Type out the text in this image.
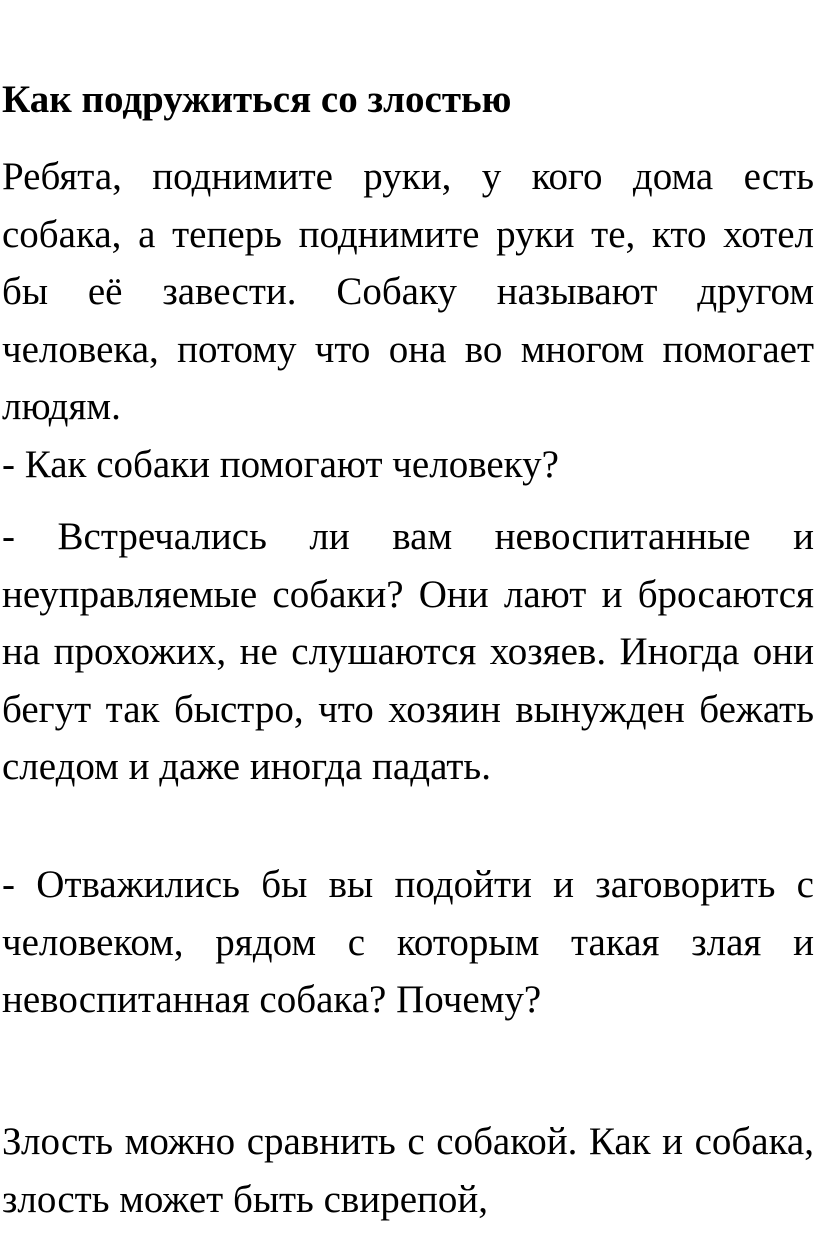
Как подружиться со злостью

Ребята, поднимите руки, у кого дома есть собака, а теперь поднимите руки те, кто хотел бы её завести. Собаку называют другом человека, потому что она во многом помогает людям.

- Как собаки помогают человеку?

- Встречались ли вам невоспитанные и неуправляемые собаки? Они лают и бросаются на прохожих, не слушаются хозяев. Иногда они бегут так быстро, что хозяин вынужден бежать следом и даже иногда падать.

- Отважились бы вы подойти и заговорить с человеком, рядом с которым такая злая и невоспитанная собака? Почему?

Злость можно сравнить с собакой. Как и собака, злость может быть свирепой,
